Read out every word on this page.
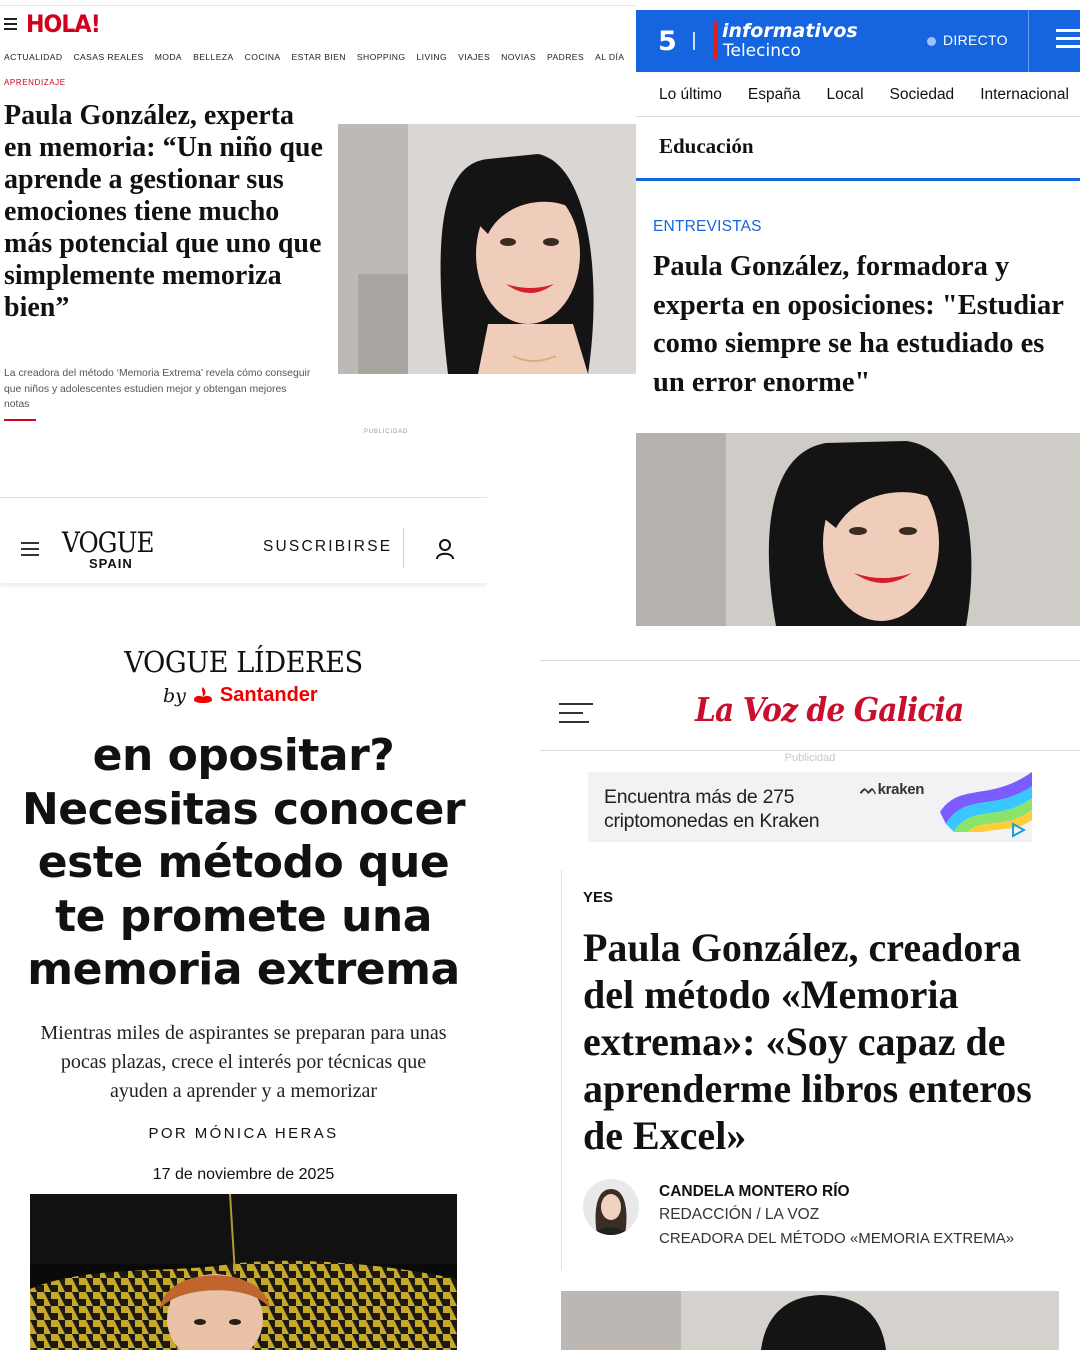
HOLA!
ACTUALIDAD CASAS REALES MODA BELLEZA COCINA ESTAR BIEN SHOPPING LIVING VIAJES NOVIAS PADRES AL DÍA
APRENDIZAJE
Paula González, experta en memoria: “Un niño que aprende a gestionar sus emociones tiene mucho más potencial que uno que simplemente memoriza bien”

La creadora del método ‘Memoria Extrema’ revela cómo conseguir que niños y adolescentes estudien mejor y obtengan mejores notas

PUBLICIDAD
5 informativos
Telecinco
DIRECTO
Lo último España Local Sociedad Internacional
Educación
ENTREVISTAS
Paula González, formadora y experta en oposiciones: "Estudiar como siempre se ha estudiado es un error enorme"
VOGUE
SPAIN
SUSCRIBIRSE
VOGUE LÍDERES
by Santander
en opositar? Necesitas conocer este método que te promete una memoria extrema

Mientras miles de aspirantes se preparan para unas pocas plazas, crece el interés por técnicas que ayuden a aprender y a memorizar

POR MÓNICA HERAS
17 de noviembre de 2025
La Voz de Galicia
Publicidad
Encuentra más de 275 criptomonedas en Kraken
ᨓkraken
YES
Paula González, creadora del método «Memoria extrema»: «Soy capaz de aprenderme libros enteros de Excel»
CANDELA MONTERO RÍO
REDACCIÓN / LA VOZ
CREADORA DEL MÉTODO «MEMORIA EXTREMA»
